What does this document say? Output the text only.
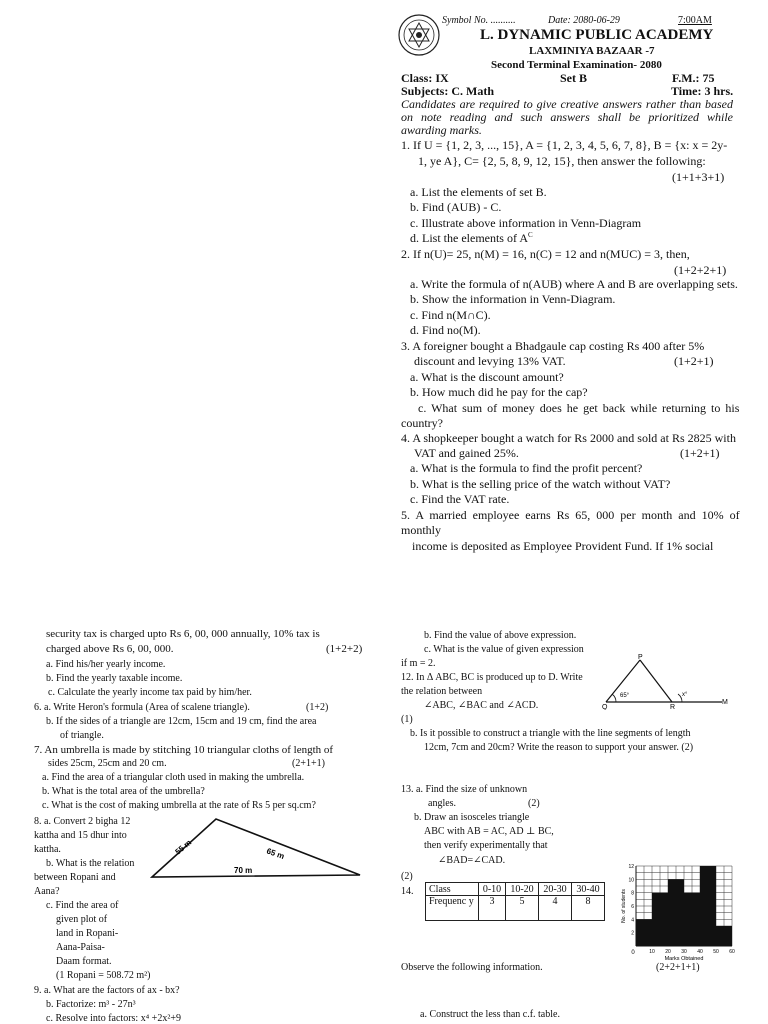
Symbol No. ..........	Date: 2080-06-29	7:00AM
L. DYNAMIC PUBLIC ACADEMY
LAXMINIYA BAZAAR -7
Second Terminal Examination- 2080
Class: IX	Set B	F.M.: 75
Subjects: C. Math	Time: 3 hrs.
Candidates are required to give creative answers rather than based on note reading and such answers shall be prioritized while awarding marks.
1. If U = {1, 2, 3, ..., 15}, A = {1, 2, 3, 4, 5, 6, 7, 8}, B = {x: x = 2y-
1, ye A}, C= {2, 5, 8, 9, 12, 15}, then answer the following:
(1+1+3+1)
a. List the elements of set B.
b. Find (AUB) - C.
c. Illustrate above information in Venn-Diagram
d. List the elements of $A^C$
2. If n(U)= 25, n(M) = 16, n(C) = 12 and n(MUC) = 3, then,
(1+2+2+1)
a. Write the formula of n(AUB) where A and B are overlapping sets.
b. Show the information in Venn-Diagram.
c. Find n(M∩C).
d. Find no(M).
3. A foreigner bought a Bhadgaule cap costing Rs 400 after 5%
discount and levying 13% VAT.	(1+2+1)
a. What is the discount amount?
b. How much did he pay for the cap?
c. What sum of money does he get back while returning to his
country?
4. A shopkeeper bought a watch for Rs 2000 and sold at Rs 2825 with
VAT and gained 25%.	(1+2+1)
a. What is the formula to find the profit percent?
b. What is the selling price of the watch without VAT?
c. Find the VAT rate.
5. A married employee earns Rs 65, 000 per month and 10% of
monthly
income is deposited as Employee Provident Fund. If 1% social
security tax is charged upto Rs 6, 00, 000 annually, 10% tax is
charged above Rs 6, 00, 000.	(1+2+2)
a. Find his/her yearly income.
b. Find the yearly taxable income.
c. Calculate the yearly income tax paid by him/her.
6. a. Write Heron's formula (Area of scalene triangle).	(1+2)
b. If the sides of a triangle are 12cm, 15cm and 19 cm, find the area
of triangle.
7. An umbrella is made by stitching 10 triangular cloths of length of
sides 25cm, 25cm and 20 cm.	(2+1+1)
a. Find the area of a triangular cloth used in making the umbrella.
b. What is the total area of the umbrella?
c. What is the cost of making umbrella at the rate of Rs 5 per sq.cm?
8. a. Convert 2 bigha 12
kattha and 15 dhur into
kattha.
b. What is the relation
between Ropani and
Aana?
c. Find the area of
given plot of
land in Ropani-
Aana-Paisa-
Daam format.
(1 Ropani = 508.72 m²)
55 m	65 m
70 m
9. a. What are the factors of ax - bx?
b. Factorize: m³ - 27n³
c. Resolve into factors: x⁴ +2x²+9
b. Find the value of above expression.
c. What is the value of given expression
if m = 2.
12. In Δ ABC, BC is produced up to D. Write
the relation between
∠ABC, ∠BAC and ∠ACD.
(1)
P
65°
Q	R
M
x°
b. Is it possible to construct a triangle with the line segments of length
12cm, 7cm and 20cm? Write the reason to support your answer. (2)
13. a. Find the size of unknown
angles.	(2)
b. Draw an isosceles triangle
ABC with AB = AC, AD ⊥ BC,
then verify experimentally that
∠BAD=∠CAD.
(2)
14. Class	0-10	10-20	20-30	30-40
Frequenc y	3	5	4	8
2
4
6
8
10
12
10 20 30 40 50 60
0
Marks Obtained
No. of students
Observe the following information.	(2+2+1+1)
a. Construct the less than c.f. table.
